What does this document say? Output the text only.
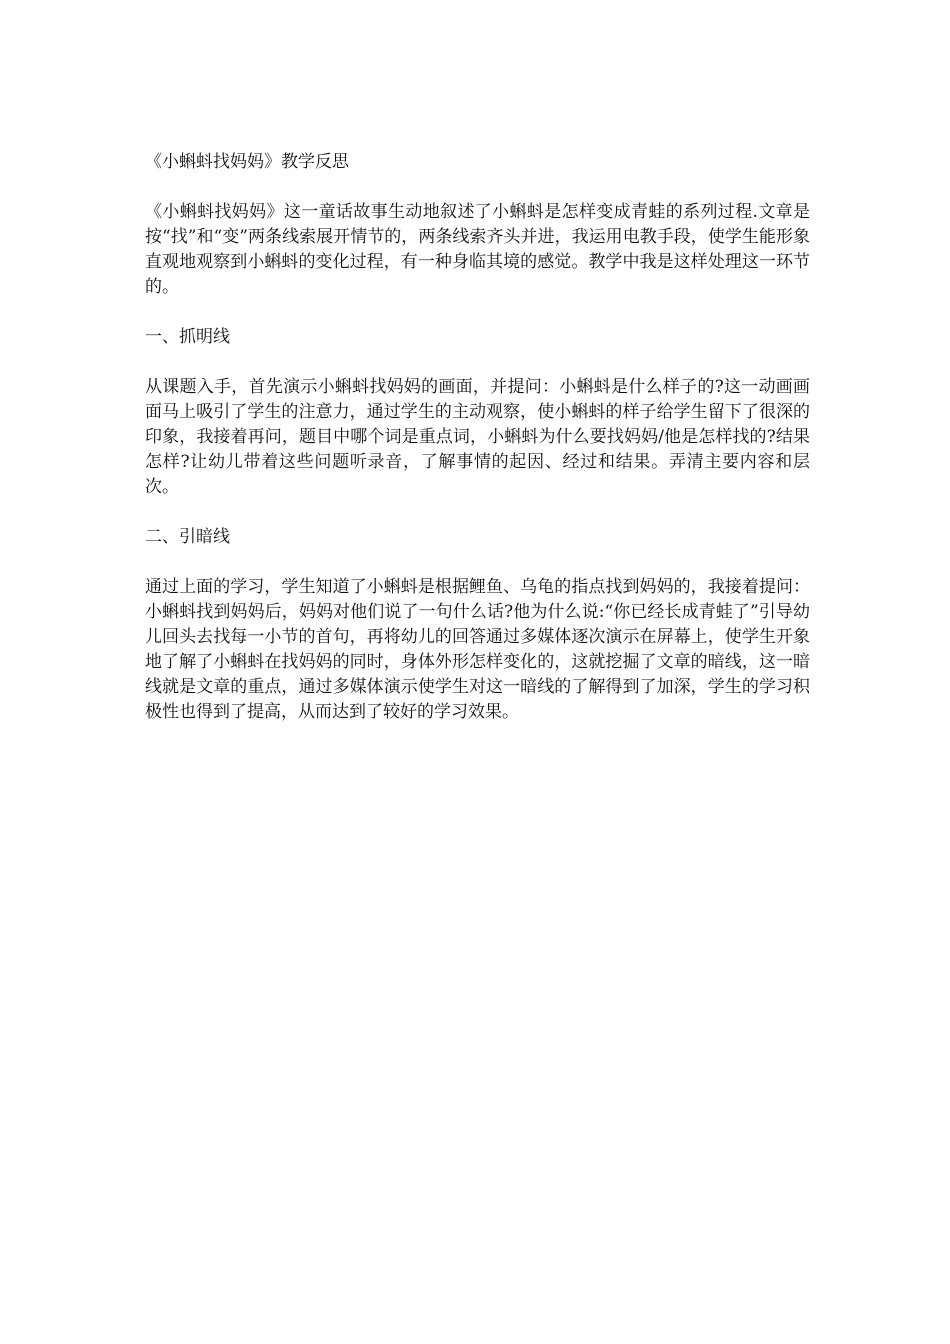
《小蝌蚪找妈妈》教学反思

《小蝌蚪找妈妈》这一童话故事生动地叙述了小蝌蚪是怎样变成青蛙的系列过程.文章是按“找”和“变”两条线索展开情节的，两条线索齐头并进，我运用电教手段，使学生能形象直观地观察到小蝌蚪的变化过程，有一种身临其境的感觉。教学中我是这样处理这一环节的。

一、抓明线

从课题入手，首先演示小蝌蚪找妈妈的画面，并提问：小蝌蚪是什么样子的?这一动画画面马上吸引了学生的注意力，通过学生的主动观察，使小蝌蚪的样子给学生留下了很深的印象，我接着再问，题目中哪个词是重点词，小蝌蚪为什么要找妈妈/他是怎样找的?结果怎样?让幼儿带着这些问题听录音，了解事情的起因、经过和结果。弄清主要内容和层次。

二、引暗线

通过上面的学习，学生知道了小蝌蚪是根据鲤鱼、乌龟的指点找到妈妈的，我接着提问：小蝌蚪找到妈妈后，妈妈对他们说了一句什么话?他为什么说:“你已经长成青蛙了”引导幼儿回头去找每一小节的首句，再将幼儿的回答通过多媒体逐次演示在屏幕上，使学生开象地了解了小蝌蚪在找妈妈的同时，身体外形怎样变化的，这就挖掘了文章的暗线，这一暗线就是文章的重点，通过多媒体演示使学生对这一暗线的了解得到了加深，学生的学习积极性也得到了提高，从而达到了较好的学习效果。
